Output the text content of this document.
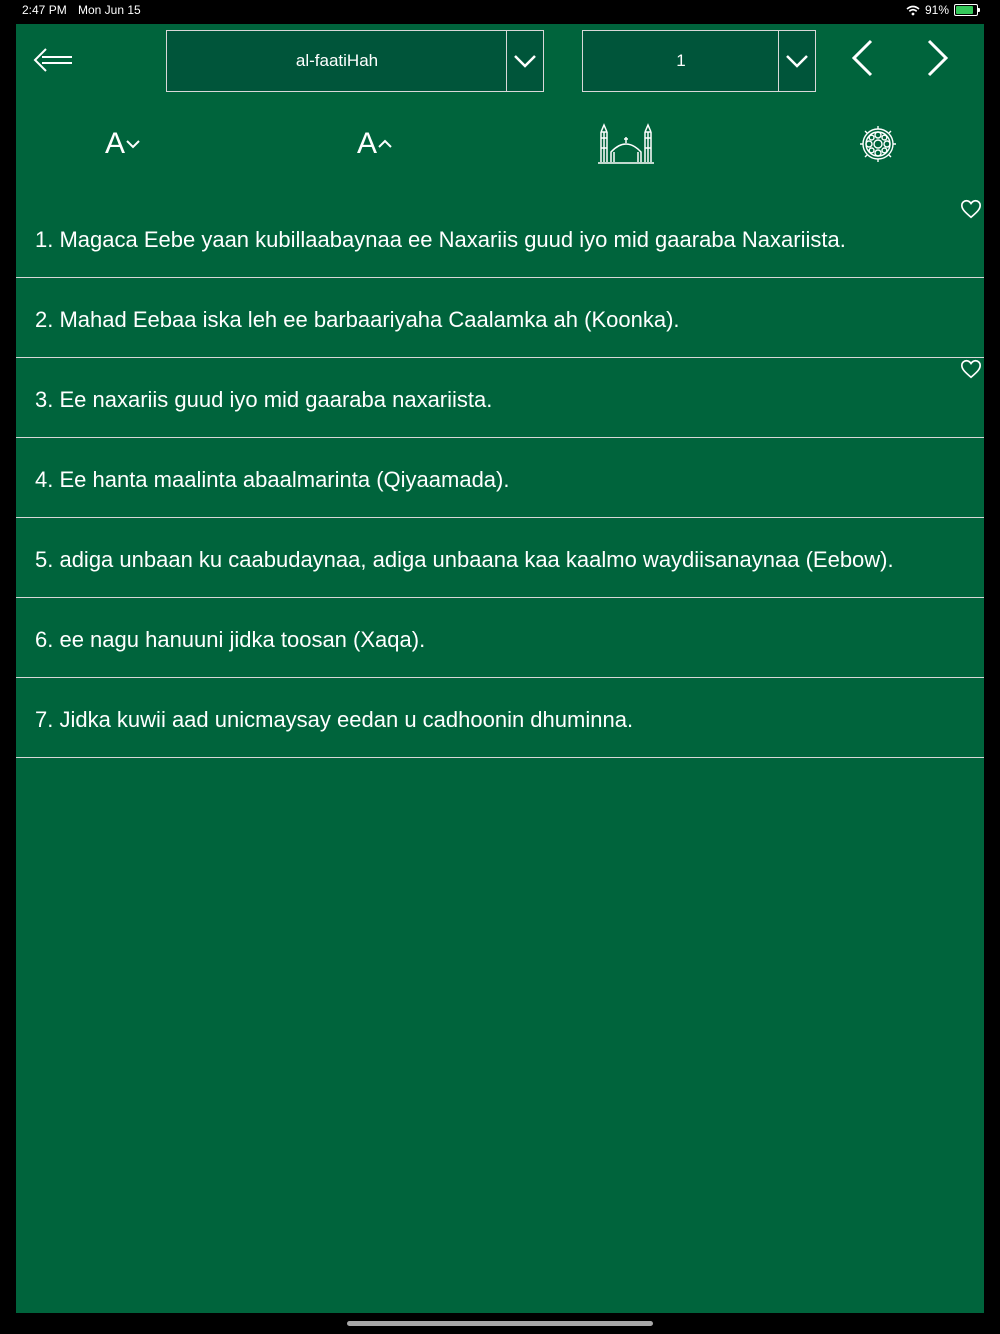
2:47 PM Mon Jun 15	91%
al-faatiHah	1
A	A
1. Magaca Eebe yaan kubillaabaynaa ee Naxariis guud iyo mid gaaraba Naxariista.
2. Mahad Eebaa iska leh ee barbaariyaha Caalamka ah (Koonka).
3. Ee naxariis guud iyo mid gaaraba naxariista.
4. Ee hanta maalinta abaalmarinta (Qiyaamada).
5. adiga unbaan ku caabudaynaa, adiga unbaana kaa kaalmo waydiisanaynaa (Eebow).
6. ee nagu hanuuni jidka toosan (Xaqa).
7. Jidka kuwii aad unicmaysay eedan u cadhoonin dhuminna.
